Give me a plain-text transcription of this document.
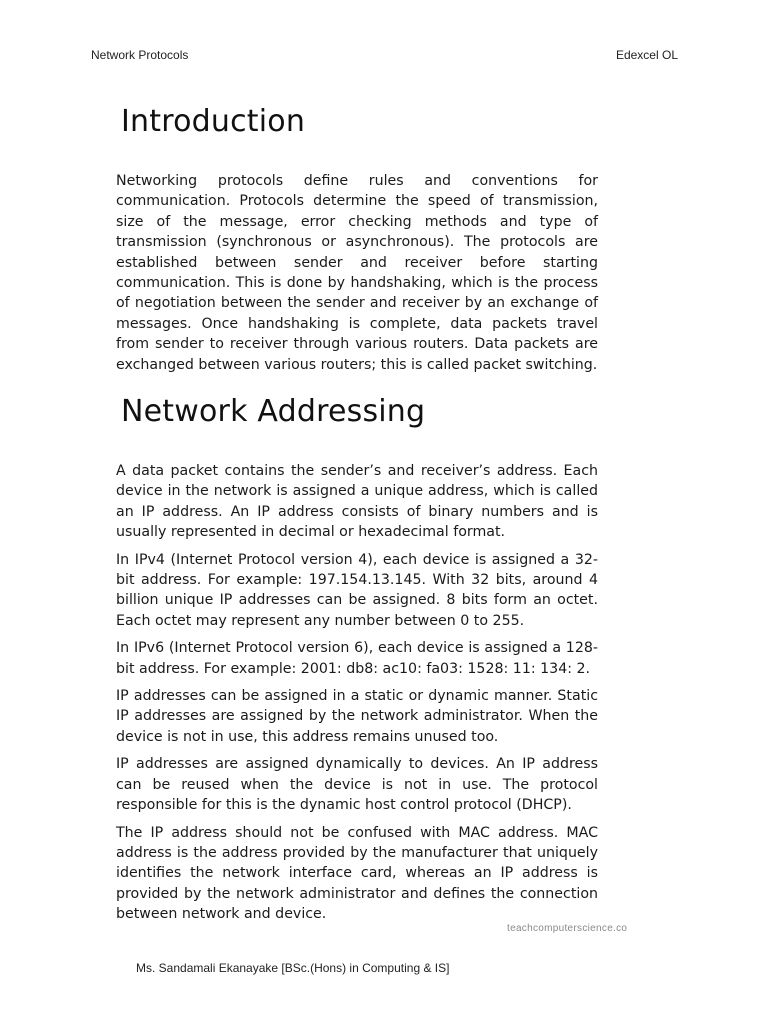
Network Protocols	Edexcel OL
Introduction

Networking protocols define rules and conventions for communication. Protocols determine the speed of transmission, size of the message, error checking methods and type of transmission (synchronous or asynchronous). The protocols are established between sender and receiver before starting communication. This is done by handshaking, which is the process of negotiation between the sender and receiver by an exchange of messages. Once handshaking is complete, data packets travel from sender to receiver through various routers. Data packets are exchanged between various routers; this is called packet switching.

Network Addressing

A data packet contains the sender’s and receiver’s address. Each device in the network is assigned a unique address, which is called an IP address. An IP address consists of binary numbers and is usually represented in decimal or hexadecimal format.

In IPv4 (Internet Protocol version 4), each device is assigned a 32-bit address. For example: 197.154.13.145. With 32 bits, around 4 billion unique IP addresses can be assigned. 8 bits form an octet. Each octet may represent any number between 0 to 255.

In IPv6 (Internet Protocol version 6), each device is assigned a 128-bit address. For example: 2001: db8: ac10: fa03: 1528: 11: 134: 2.

IP addresses can be assigned in a static or dynamic manner. Static IP addresses are assigned by the network administrator. When the device is not in use, this address remains unused too.

IP addresses are assigned dynamically to devices. An IP address can be reused when the device is not in use. The protocol responsible for this is the dynamic host control protocol (DHCP).

The IP address should not be confused with MAC address. MAC address is the address provided by the manufacturer that uniquely identifies the network interface card, whereas an IP address is provided by the network administrator and defines the connection between network and device.

teachcomputerscience.co
Ms. Sandamali Ekanayake [BSc.(Hons) in Computing & IS]
